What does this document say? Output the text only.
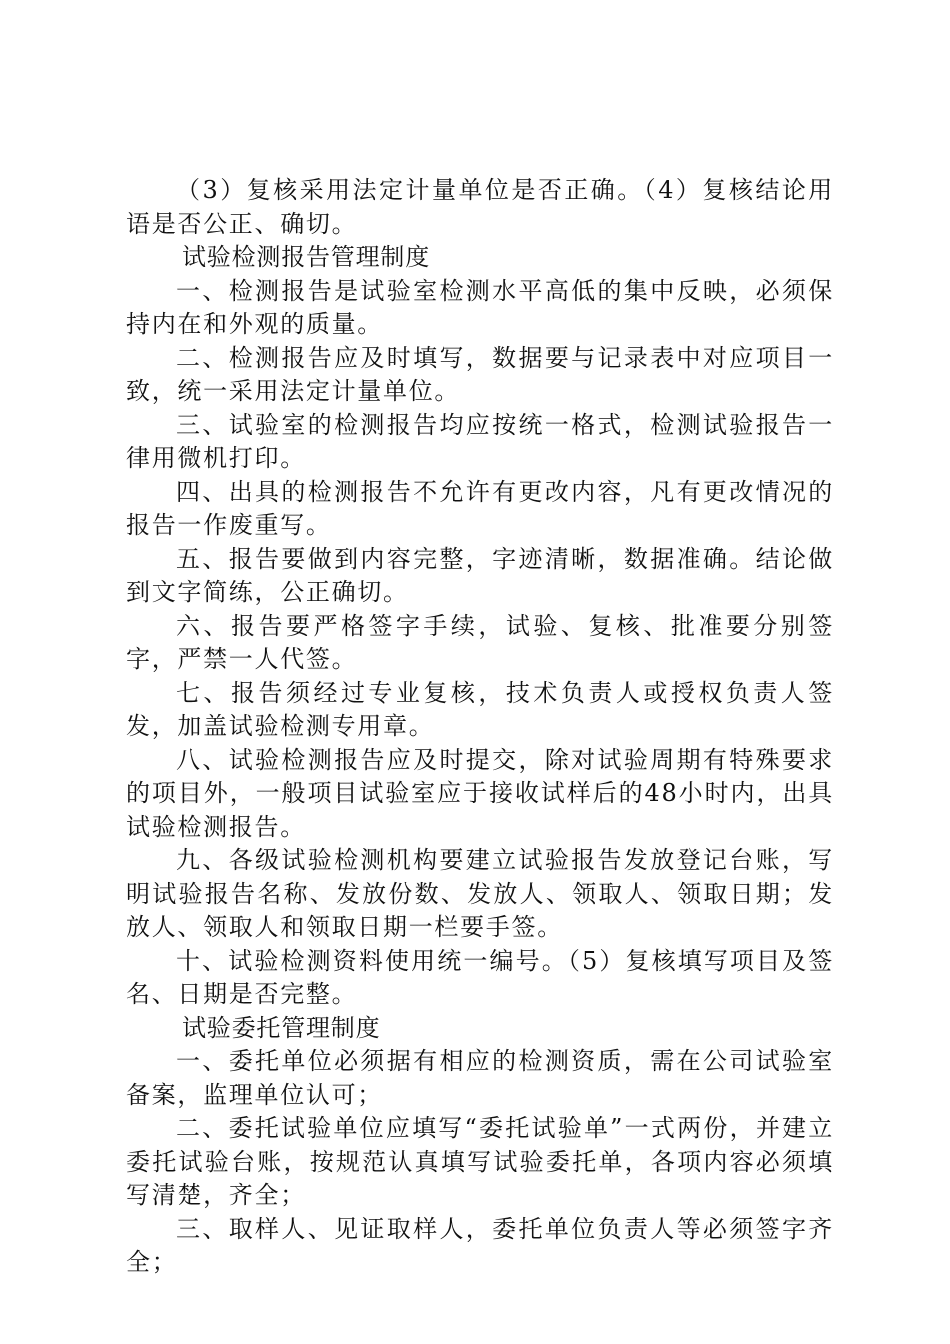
（3）复核采用法定计量单位是否正确。（4）复核结论用语是否公正、确切。

试验检测报告管理制度

一、检测报告是试验室检测水平高低的集中反映，必须保持内在和外观的质量。

二、检测报告应及时填写，数据要与记录表中对应项目一致，统一采用法定计量单位。

三、试验室的检测报告均应按统一格式，检测试验报告一律用微机打印。

四、出具的检测报告不允许有更改内容，凡有更改情况的报告一作废重写。

五、报告要做到内容完整，字迹清晰，数据准确。结论做到文字简练，公正确切。

六、报告要严格签字手续，试验、复核、批准要分别签字，严禁一人代签。

七、报告须经过专业复核，技术负责人或授权负责人签发，加盖试验检测专用章。

八、试验检测报告应及时提交，除对试验周期有特殊要求的项目外，一般项目试验室应于接收试样后的48小时内，出具试验检测报告。

九、各级试验检测机构要建立试验报告发放登记台账，写明试验报告名称、发放份数、发放人、领取人、领取日期；发放人、领取人和领取日期一栏要手签。

十、试验检测资料使用统一编号。（5）复核填写项目及签名、日期是否完整。

试验委托管理制度

一、委托单位必须据有相应的检测资质，需在公司试验室备案，监理单位认可；

二、委托试验单位应填写“委托试验单”一式两份，并建立委托试验台账，按规范认真填写试验委托单，各项内容必须填写清楚，齐全；

三、取样人、见证取样人，委托单位负责人等必须签字齐全；
